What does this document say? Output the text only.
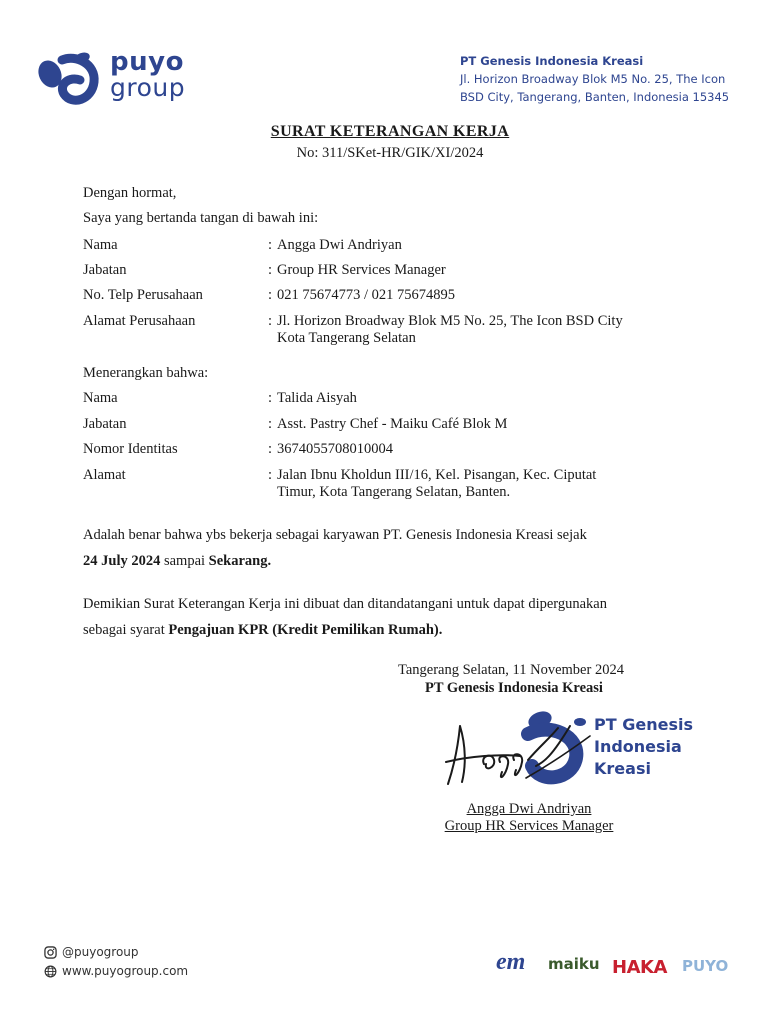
puyo
group
PT Genesis Indonesia Kreasi
Jl. Horizon Broadway Blok M5 No. 25, The Icon
BSD City, Tangerang, Banten, Indonesia 15345
SURAT KETERANGAN KERJA
No: 311/SKet-HR/GIK/XI/2024
Dengan hormat,
Saya yang bertanda tangan di bawah ini:
Nama	: Angga Dwi Andriyan
Jabatan	: Group HR Services Manager
No. Telp Perusahaan	: 021 75674773 / 021 75674895
Alamat Perusahaan	: Jl. Horizon Broadway Blok M5 No. 25, The Icon BSD City
Kota Tangerang Selatan
Menerangkan bahwa:
Nama	: Talida Aisyah
Jabatan	: Asst. Pastry Chef - Maiku Café Blok M
Nomor Identitas	: 3674055708010004
Alamat	: Jalan Ibnu Kholdun III/16, Kel. Pisangan, Kec. Ciputat
Timur, Kota Tangerang Selatan, Banten.
Adalah benar bahwa ybs bekerja sebagai karyawan PT. Genesis Indonesia Kreasi sejak
24 July 2024 sampai Sekarang.
Demikian Surat Keterangan Kerja ini dibuat dan ditandatangani untuk dapat dipergunakan
sebagai syarat Pengajuan KPR (Kredit Pemilikan Rumah).
Tangerang Selatan, 11 November 2024
PT Genesis Indonesia Kreasi
PT Genesis
Indonesia
Kreasi
Angga Dwi Andriyan
Group HR Services Manager
@puyogroup
www.puyogroup.com	em maiku HAKA PUYO
